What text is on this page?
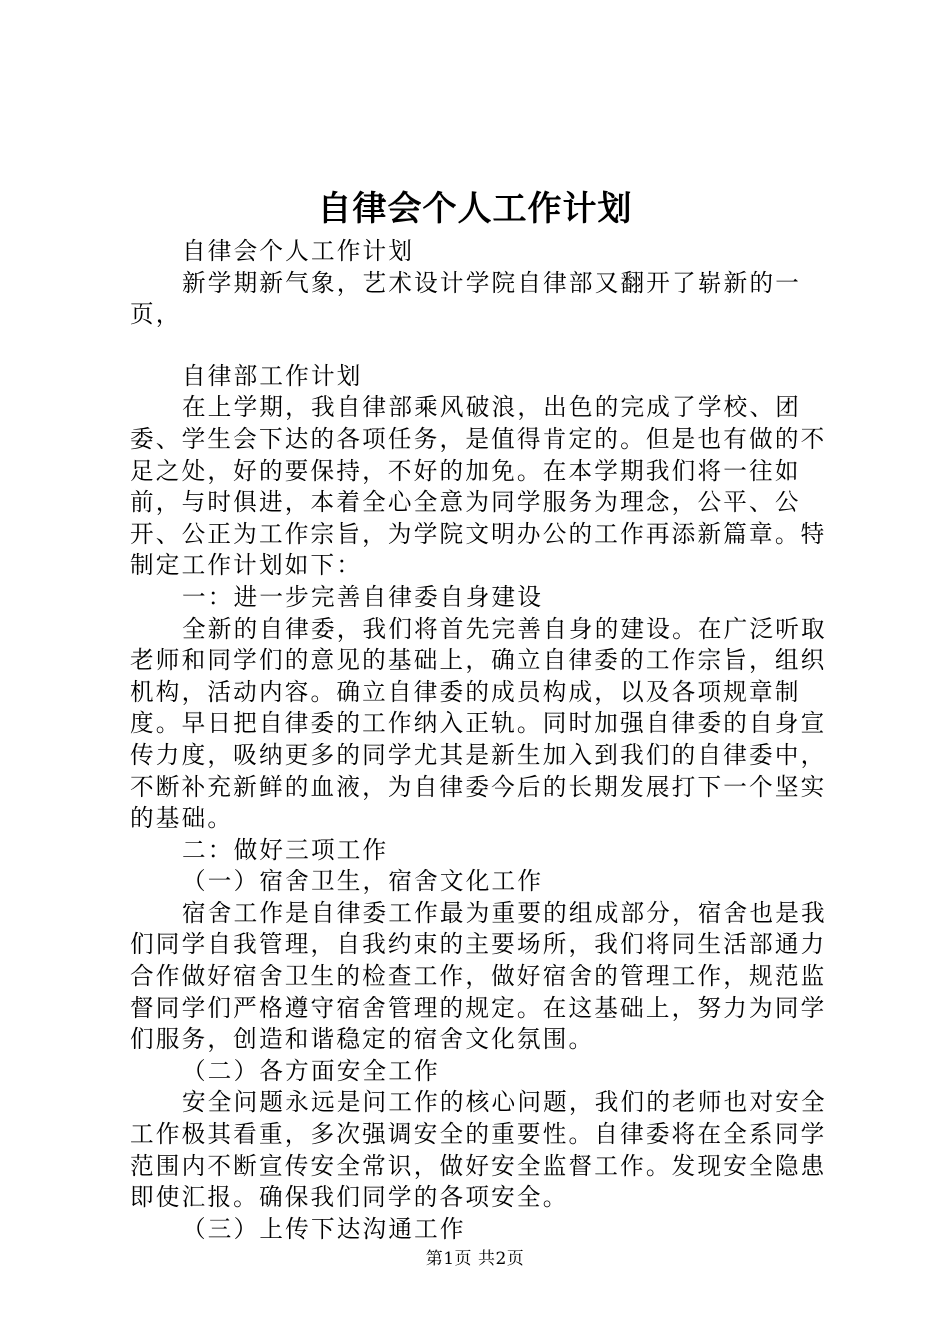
自律会个人工作计划

自律会个人工作计划

新学期新气象，艺术设计学院自律部又翻开了崭新的一页，

自律部工作计划

在上学期，我自律部乘风破浪，出色的完成了学校、团委、学生会下达的各项任务，是值得肯定的。但是也有做的不足之处，好的要保持，不好的加免。在本学期我们将一往如前，与时俱进，本着全心全意为同学服务为理念，公平、公开、公正为工作宗旨，为学院文明办公的工作再添新篇章。特制定工作计划如下：

一：进一步完善自律委自身建设

全新的自律委，我们将首先完善自身的建设。在广泛听取老师和同学们的意见的基础上，确立自律委的工作宗旨，组织机构，活动内容。确立自律委的成员构成，以及各项规章制度。早日把自律委的工作纳入正轨。同时加强自律委的自身宣传力度，吸纳更多的同学尤其是新生加入到我们的自律委中，不断补充新鲜的血液，为自律委今后的长期发展打下一个坚实的基础。

二：做好三项工作

（一）宿舍卫生，宿舍文化工作

宿舍工作是自律委工作最为重要的组成部分，宿舍也是我们同学自我管理，自我约束的主要场所，我们将同生活部通力合作做好宿舍卫生的检查工作，做好宿舍的管理工作，规范监督同学们严格遵守宿舍管理的规定。在这基础上，努力为同学们服务，创造和谐稳定的宿舍文化氛围。

（二）各方面安全工作

安全问题永远是问工作的核心问题，我们的老师也对安全工作极其看重，多次强调安全的重要性。自律委将在全系同学范围内不断宣传安全常识，做好安全监督工作。发现安全隐患即使汇报。确保我们同学的各项安全。

（三）上传下达沟通工作

第1页 共2页
